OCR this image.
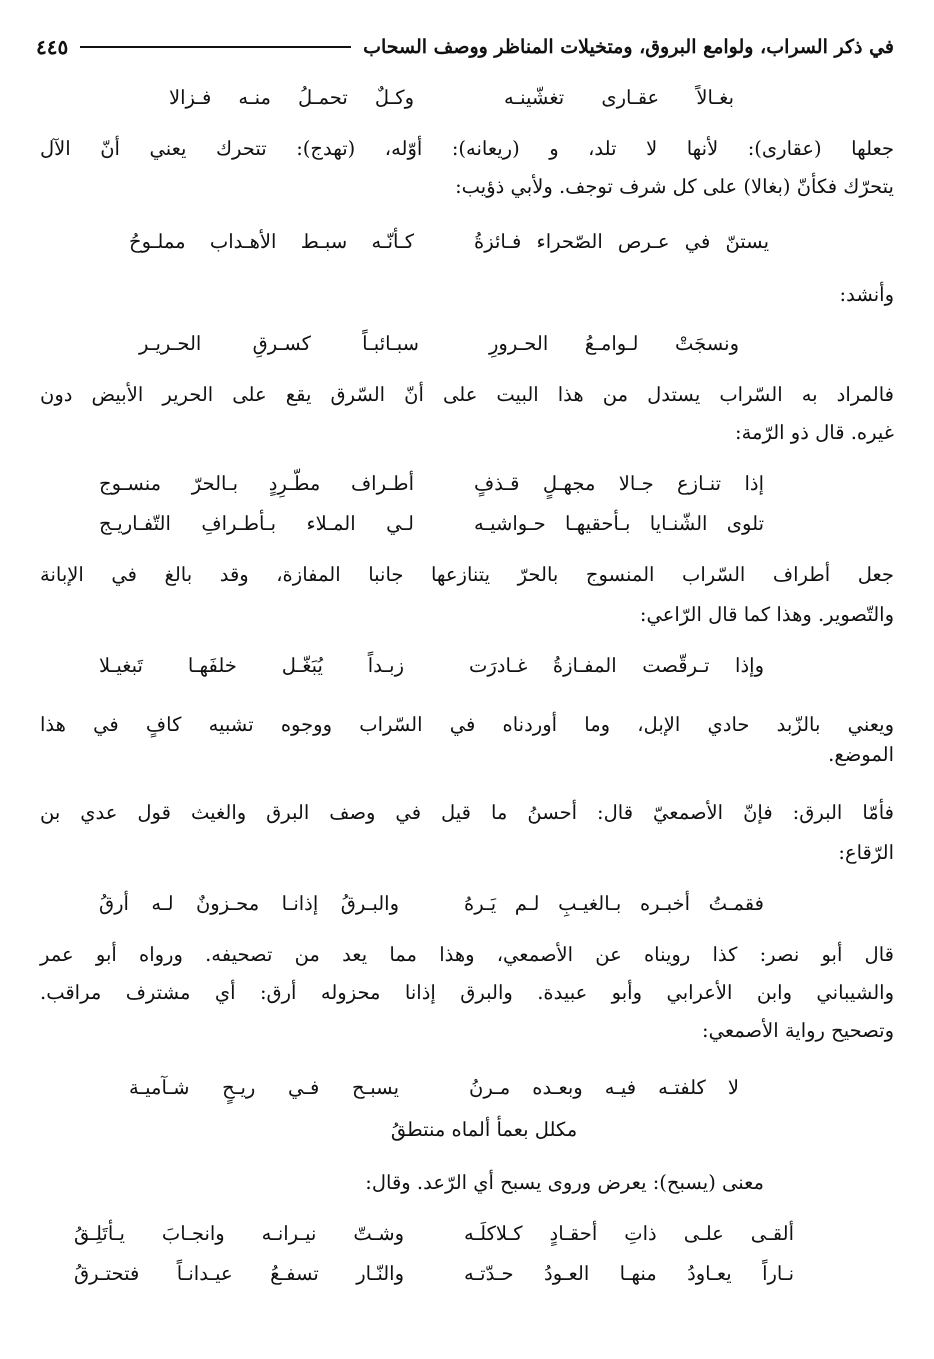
في ذكر السراب، ولوامع البروق، ومتخيلات المناظر ووصف السحاب
٤٤٥
بغـالاً عقـارى تغشّينـه
وكـلٌ تحمـلُ منـه فـزالا
جعلها (عقارى): لأنها لا تلد، و (ريعانه): أوّله، (تهدج): تتحرك يعني أنّ الآل
يتحرّك فكأنّ (بغالا) على كل شرف توجف. ولأبي ذؤيب:
يستنّ في عـرص الصّحراء فـائزةُ
كـأنّـه سبـط الأهـداب مملـوحُ
وأنشد:
ونسجَتْ لـوامـعُ الحـرورِ
سبـائبـاً كسـرقِ الحـريـر
فالمراد به السّراب يستدل من هذا البيت على أنّ السّرق يقع على الحرير الأبيض دون
غيره. قال ذو الرّمة:
إذا تنـازع جـالا مجهـلٍ قـذفٍ
أطـراف مطّـرِدٍ بـالحرّ منسـوج
تلوى الشّنـايا بـأحقيهـا حـواشيـه
لـي المـلاء بـأطـرافِ التّفـاريـج
جعل أطراف السّراب المنسوج بالحرّ يتنازعها جانبا المفازة، وقد بالغ في الإبانة
والتّصوير. وهذا كما قال الرّاعي:
وإذا تـرقّصت المفـازةُ غـادرَت
زبـداً يُبَغّـل خلفَهـا تَبغيـلا
ويعني بالزّبد حادي الإبل، وما أوردناه في السّراب ووجوه تشبيه كافٍ في هذا
الموضع.
فأمّا البرق: فإنّ الأصمعيّ قال: أحسنُ ما قيل في وصف البرق والغيث قول عدي بن
الرّقاع:
فقمـتُ أخبـره بـالغيـبِ لـم يَـرهُ
والبـرقُ إذانـا محـزونٌ لـه أرقُ
قال أبو نصر: كذا رويناه عن الأصمعي، وهذا مما يعد من تصحيفه. ورواه أبو عمر
والشيباني وابن الأعرابي وأبو عبيدة. والبرق إذانا محزوله أرق: أي مشترف مراقب.
وتصحيح رواية الأصمعي:
لا كلفتـه فيـه وبعـده مـرنُ
يسبـح فـي ريـحٍ شـآميـة
مكلل بعمأ ألماه منتطقُ
معنى (يسبح): يعرض وروى يسبح أي الرّعد. وقال:
ألقـى علـى ذاتِ أحقـادٍ كـلاكلَـه
وشـتّ نيـرانـه وانجـابَ يـأتَلِـقُ
نـاراً يعـاودُ منهـا العـودُ حـدّتـه
والنّـار تسفـعُ عيـدانـاً فتحتـرقُ
